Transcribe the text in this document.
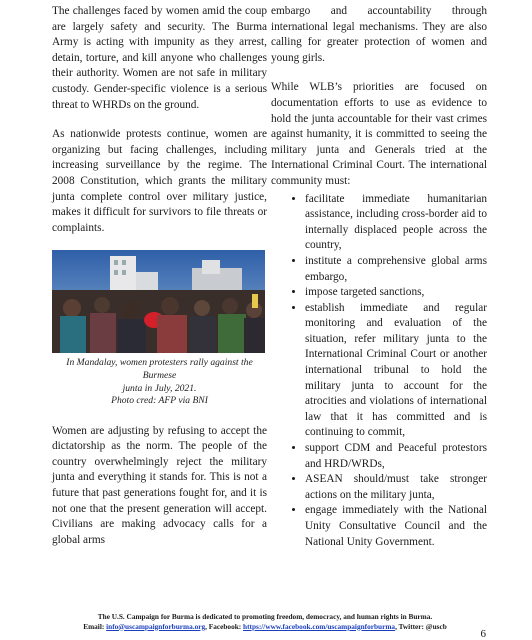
The challenges faced by women amid the coup are largely safety and security. The Burma Army is acting with impunity as they arrest, detain, torture, and kill anyone who challenges their authority. Women are not safe in military custody. Gender-specific violence is a serious threat to WHRDs on the ground.

As nationwide protests continue, women are organizing but facing challenges, including increasing surveillance by the regime. The 2008 Constitution, which grants the military junta complete control over military justice, makes it difficult for survivors to file threats or complaints.

In Mandalay, women protesters rally against the Burmese
junta in July, 2021.
Photo cred: AFP via BNI

Women are adjusting by refusing to accept the dictatorship as the norm. The people of the country overwhelmingly reject the military junta and everything it stands for. This is not a future that past generations fought for, and it is not one that the present generation will accept. Civilians are making advocacy calls for a global arms

embargo and accountability through international legal mechanisms. They are also calling for greater protection of women and young girls.

While WLB’s priorities are focused on documentation efforts to use as evidence to hold the junta accountable for their vast crimes against humanity, it is committed to seeing the military junta and Generals tried at the International Criminal Court. The international community must:

• facilitate immediate humanitarian assistance, including cross-border aid to internally displaced people across the country,
• institute a comprehensive global arms embargo,
• impose targeted sanctions,
• establish immediate and regular monitoring and evaluation of the situation, refer military junta to the International Criminal Court or another international tribunal to hold the military junta to account for the atrocities and violations of international law that it has committed and is continuing to commit,
• support CDM and Peaceful protestors and HRD/WRDs,
• ASEAN should/must take stronger actions on the military junta,
• engage immediately with the National Unity Consultative Council and the National Unity Government.
The U.S. Campaign for Burma is dedicated to promoting freedom, democracy, and human rights in Burma.
Email: info@uscampaignforburma.org, Facebook: https://www.facebook.com/uscampaignforburma, Twitter: @uscb
6
